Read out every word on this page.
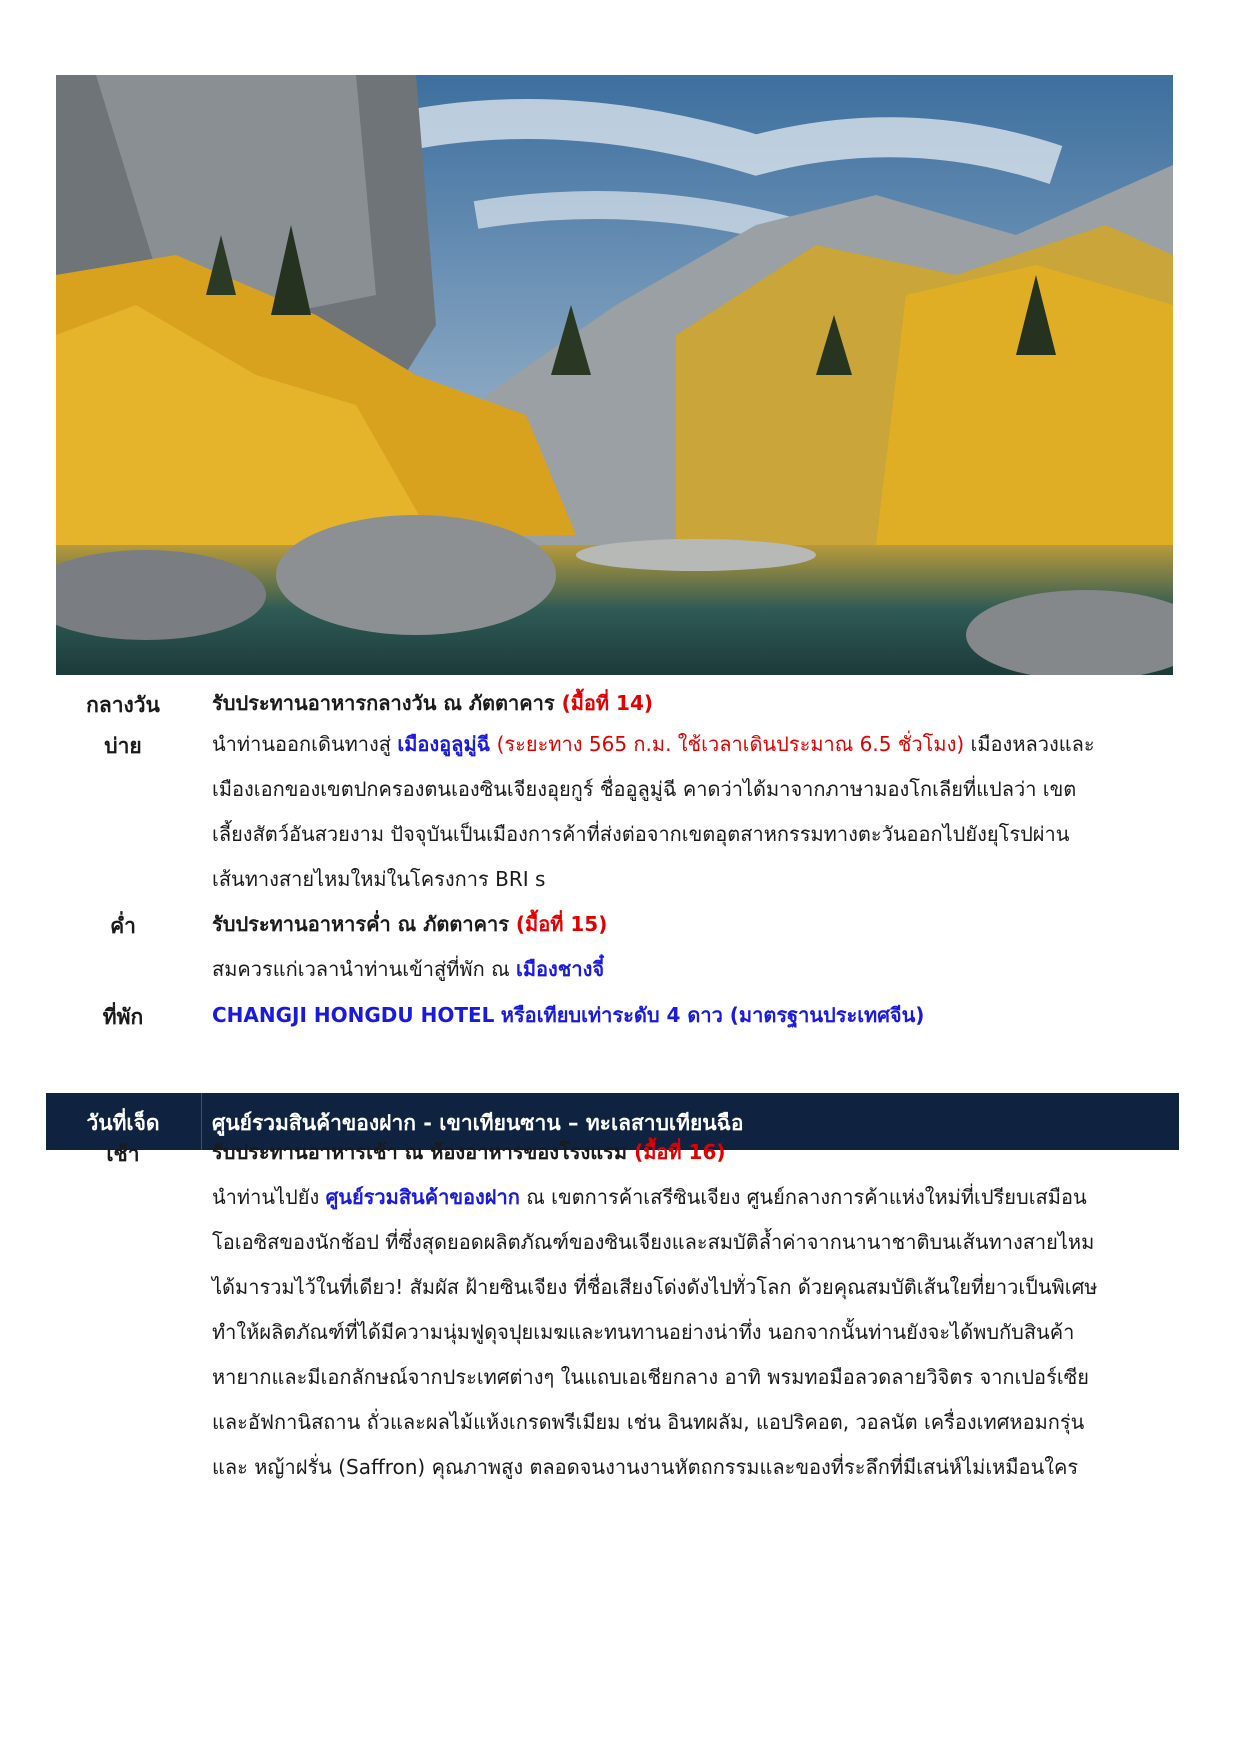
กลางวัน	รับประทานอาหารกลางวัน ณ ภัตตาคาร (มื้อที่ 14)
บ่าย	นำท่านออกเดินทางสู่ เมืองอูลูมู่ฉี (ระยะทาง 565 ก.ม. ใช้เวลาเดินประมาณ 6.5 ชั่วโมง) เมืองหลวงและ
เมืองเอกของเขตปกครองตนเองซินเจียงอุยกูร์ ชื่ออูลูมู่ฉี คาดว่าได้มาจากภาษามองโกเลียที่แปลว่า เขต
เลี้ยงสัตว์อันสวยงาม ปัจจุบันเป็นเมืองการค้าที่ส่งต่อจากเขตอุตสาหกรรมทางตะวันออกไปยังยุโรปผ่าน
เส้นทางสายไหมใหม่ในโครงการ BRI s
ค่ำ	รับประทานอาหารค่ำ ณ ภัตตาคาร (มื้อที่ 15)
สมควรแก่เวลานำท่านเข้าสู่ที่พัก ณ เมืองชางจี๋
ที่พัก	CHANGJI HONGDU HOTEL หรือเทียบเท่าระดับ 4 ดาว (มาตรฐานประเทศจีน)
วันที่เจ็ด	ศูนย์รวมสินค้าของฝาก - เขาเทียนซาน – ทะเลสาบเทียนฉือ
เช้า	รับประทานอาหารเช้า ณ ห้องอาหารของโรงแรม (มื้อที่ 16)
นำท่านไปยัง ศูนย์รวมสินค้าของฝาก ณ เขตการค้าเสรีซินเจียง ศูนย์กลางการค้าแห่งใหม่ที่เปรียบเสมือน
โอเอซิสของนักช้อป ที่ซึ่งสุดยอดผลิตภัณฑ์ของซินเจียงและสมบัติล้ำค่าจากนานาชาติบนเส้นทางสายไหม
ได้มารวมไว้ในที่เดียว! สัมผัส ฝ้ายซินเจียง ที่ชื่อเสียงโด่งดังไปทั่วโลก ด้วยคุณสมบัติเส้นใยที่ยาวเป็นพิเศษ
ทำให้ผลิตภัณฑ์ที่ได้มีความนุ่มฟูดุจปุยเมฆและทนทานอย่างน่าทึ่ง นอกจากนั้นท่านยังจะได้พบกับสินค้า
หายากและมีเอกลักษณ์จากประเทศต่างๆ ในแถบเอเชียกลาง อาทิ พรมทอมือลวดลายวิจิตร จากเปอร์เซีย
และอัฟกานิสถาน ถั่วและผลไม้แห้งเกรดพรีเมียม เช่น อินทผลัม, แอปริคอต, วอลนัต เครื่องเทศหอมกรุ่น
และ หญ้าฝรั่น (Saffron) คุณภาพสูง ตลอดจนงานงานหัตถกรรมและของที่ระลึกที่มีเสน่ห์ไม่เหมือนใคร
